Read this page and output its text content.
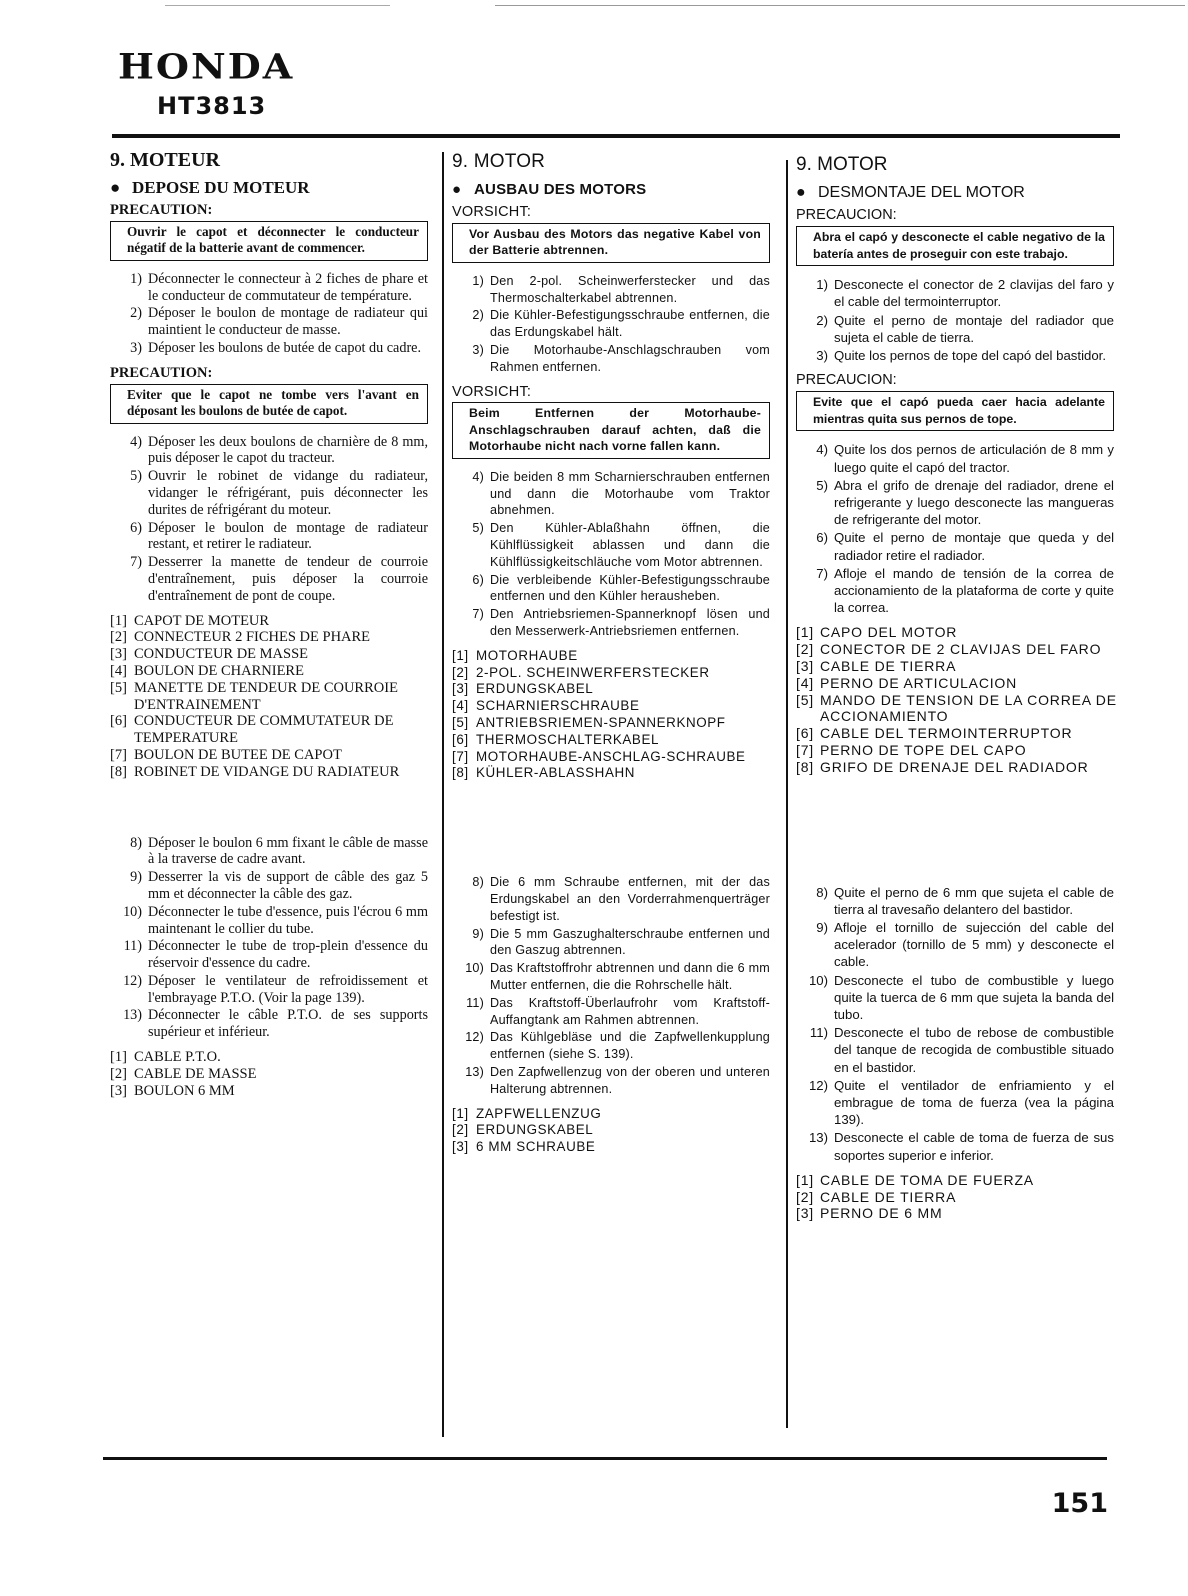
HONDA
HT3813
9. MOTEUR
● DEPOSE DU MOTEUR
PRECAUTION:
Ouvrir le capot et déconnecter le conducteur négatif de la batterie avant de commencer.
1) Déconnecter le connecteur à 2 fiches de phare et le conducteur de commutateur de température.
2) Déposer le boulon de montage de radiateur qui maintient le conducteur de masse.
3) Déposer les boulons de butée de capot du cadre.
PRECAUTION:
Eviter que le capot ne tombe vers l'avant en déposant les boulons de butée de capot.
4) Déposer les deux boulons de charnière de 8 mm, puis déposer le capot du tracteur.
5) Ouvrir le robinet de vidange du radiateur, vidanger le réfrigérant, puis déconnecter les durites de réfrigérant du moteur.
6) Déposer le boulon de montage de radiateur restant, et retirer le radiateur.
7) Desserrer la manette de tendeur de courroie d'entraînement, puis déposer la courroie d'entraînement de pont de coupe.
[1] CAPOT DE MOTEUR
[2] CONNECTEUR 2 FICHES DE PHARE
[3] CONDUCTEUR DE MASSE
[4] BOULON DE CHARNIERE
[5] MANETTE DE TENDEUR DE COURROIE D'ENTRAINEMENT
[6] CONDUCTEUR DE COMMUTATEUR DE TEMPERATURE
[7] BOULON DE BUTEE DE CAPOT
[8] ROBINET DE VIDANGE DU RADIATEUR
8) Déposer le boulon 6 mm fixant le câble de masse à la traverse de cadre avant.
9) Desserrer la vis de support de câble des gaz 5 mm et déconnecter la câble des gaz.
10) Déconnecter le tube d'essence, puis l'écrou 6 mm maintenant le collier du tube.
11) Déconnecter le tube de trop-plein d'essence du réservoir d'essence du cadre.
12) Déposer le ventilateur de refroidissement et l'embrayage P.T.O. (Voir la page 139).
13) Déconnecter le câble P.T.O. de ses supports supérieur et inférieur.
[1] CABLE P.T.O.
[2] CABLE DE MASSE
[3] BOULON 6 MM
9. MOTOR
● AUSBAU DES MOTORS
VORSICHT:
Vor Ausbau des Motors das negative Kabel von der Batterie abtrennen.
1) Den 2-pol. Scheinwerferstecker und das Thermoschalterkabel abtrennen.
2) Die Kühler-Befestigungsschraube entfernen, die das Erdungskabel hält.
3) Die Motorhaube-Anschlagschrauben vom Rahmen entfernen.
VORSICHT:
Beim Entfernen der Motorhaube-Anschlagschrauben darauf achten, daß die Motorhaube nicht nach vorne fallen kann.
4) Die beiden 8 mm Scharnierschrauben entfernen und dann die Motorhaube vom Traktor abnehmen.
5) Den Kühler-Ablaßhahn öffnen, die Kühlflüssigkeit ablassen und dann die Kühlflüssigkeitschläuche vom Motor abtrennen.
6) Die verbleibende Kühler-Befestigungsschraube entfernen und den Kühler herausheben.
7) Den Antriebsriemen-Spannerknopf lösen und den Messerwerk-Antriebsriemen entfernen.
[1] MOTORHAUBE
[2] 2-POL. SCHEINWERFERSTECKER
[3] ERDUNGSKABEL
[4] SCHARNIERSCHRAUBE
[5] ANTRIEBSRIEMEN-SPANNERKNOPF
[6] THERMOSCHALTERKABEL
[7] MOTORHAUBE-ANSCHLAG-SCHRAUBE
[8] KÜHLER-ABLASSHAHN
8) Die 6 mm Schraube entfernen, mit der das Erdungskabel an den Vorderrahmenquerträger befestigt ist.
9) Die 5 mm Gaszughalterschraube entfernen und den Gaszug abtrennen.
10) Das Kraftstoffrohr abtrennen und dann die 6 mm Mutter entfernen, die die Rohrschelle hält.
11) Das Kraftstoff-Überlaufrohr vom Kraftstoff-Auffangtank am Rahmen abtrennen.
12) Das Kühlgebläse und die Zapfwellenkupplung entfernen (siehe S. 139).
13) Den Zapfwellenzug von der oberen und unteren Halterung abtrennen.
[1] ZAPFWELLENZUG
[2] ERDUNGSKABEL
[3] 6 MM SCHRAUBE
9. MOTOR
● DESMONTAJE DEL MOTOR
PRECAUCION:
Abra el capó y desconecte el cable negativo de la batería antes de proseguir con este trabajo.
1) Desconecte el conector de 2 clavijas del faro y el cable del termointerruptor.
2) Quite el perno de montaje del radiador que sujeta el cable de tierra.
3) Quite los pernos de tope del capó del bastidor.
PRECAUCION:
Evite que el capó pueda caer hacia adelante mientras quita sus pernos de tope.
4) Quite los dos pernos de articulación de 8 mm y luego quite el capó del tractor.
5) Abra el grifo de drenaje del radiador, drene el refrigerante y luego desconecte las mangueras de refrigerante del motor.
6) Quite el perno de montaje que queda y del radiador retire el radiador.
7) Afloje el mando de tensión de la correa de accionamiento de la plataforma de corte y quite la correa.
[1] CAPO DEL MOTOR
[2] CONECTOR DE 2 CLAVIJAS DEL FARO
[3] CABLE DE TIERRA
[4] PERNO DE ARTICULACION
[5] MANDO DE TENSION DE LA CORREA DE ACCIONAMIENTO
[6] CABLE DEL TERMOINTERRUPTOR
[7] PERNO DE TOPE DEL CAPO
[8] GRIFO DE DRENAJE DEL RADIADOR
8) Quite el perno de 6 mm que sujeta el cable de tierra al travesaño delantero del bastidor.
9) Afloje el tornillo de sujección del cable del acelerador (tornillo de 5 mm) y desconecte el cable.
10) Desconecte el tubo de combustible y luego quite la tuerca de 6 mm que sujeta la banda del tubo.
11) Desconecte el tubo de rebose de combustible del tanque de recogida de combustible situado en el bastidor.
12) Quite el ventilador de enfriamiento y el embrague de toma de fuerza (vea la página 139).
13) Desconecte el cable de toma de fuerza de sus soportes superior e inferior.
[1] CABLE DE TOMA DE FUERZA
[2] CABLE DE TIERRA
[3] PERNO DE 6 MM
151
